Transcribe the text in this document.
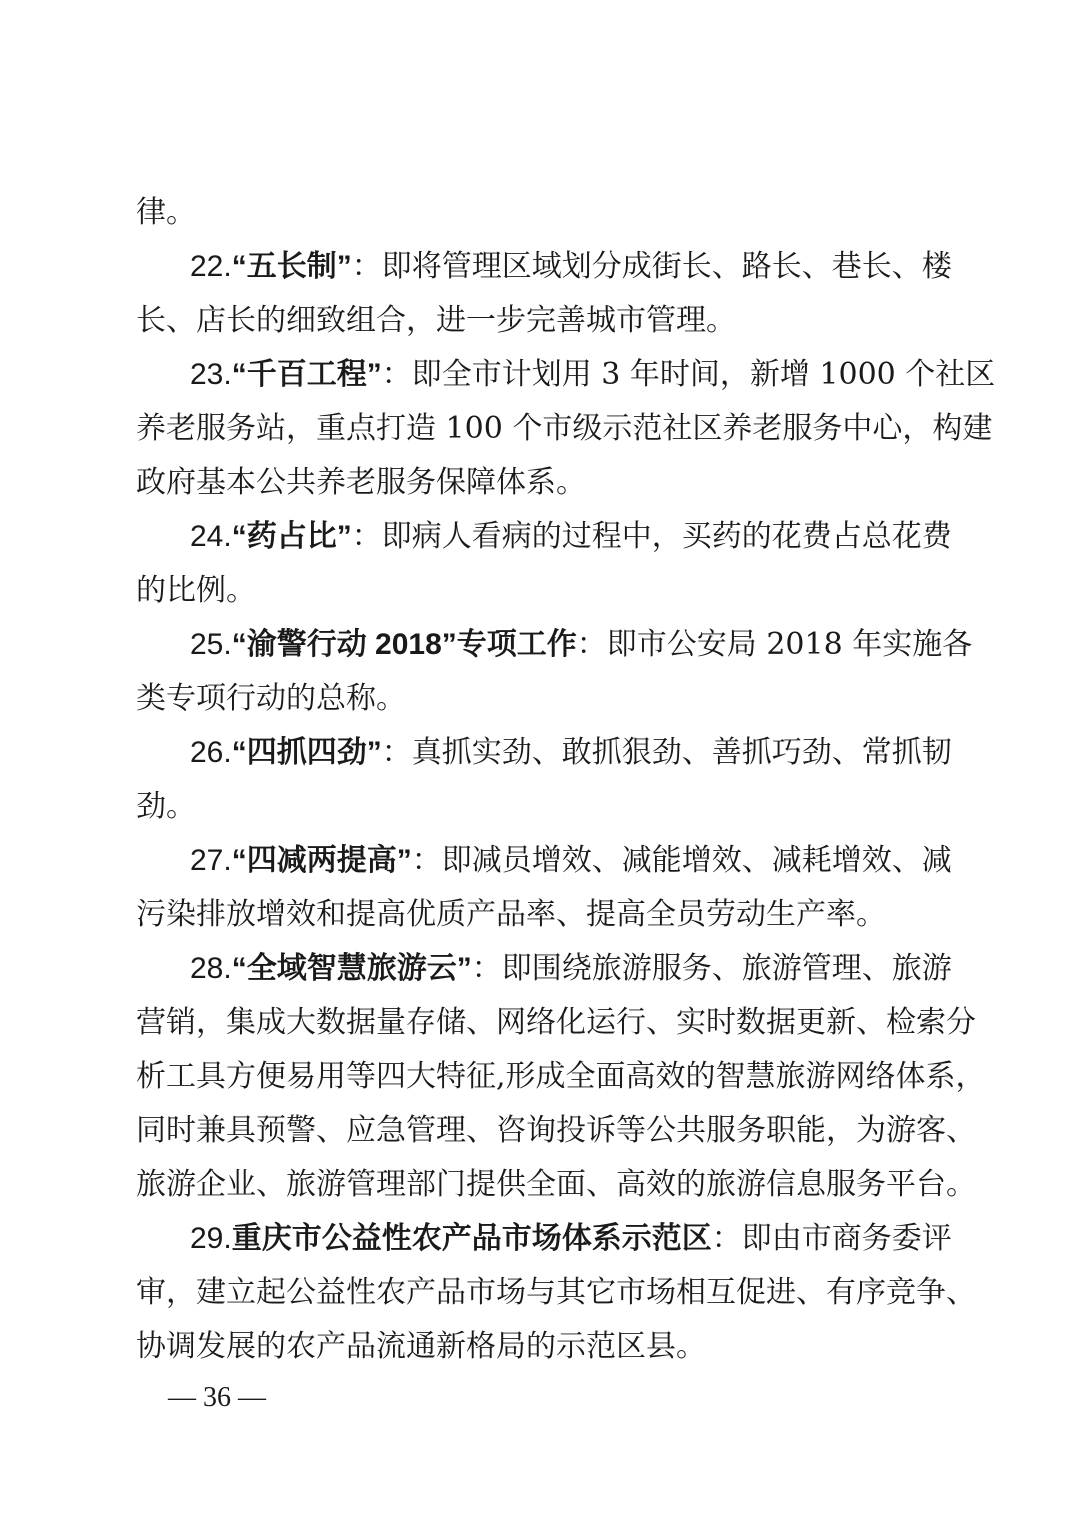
律。

22.“五长制”：即将管理区域划分成街长、路长、巷长、楼

长、店长的细致组合，进一步完善城市管理。

23.“千百工程”：即全市计划用 3 年时间，新增 1000 个社区

养老服务站，重点打造 100 个市级示范社区养老服务中心，构建

政府基本公共养老服务保障体系。

24.“药占比”：即病人看病的过程中，买药的花费占总花费

的比例。

25.“渝警行动 2018”专项工作：即市公安局 2018 年实施各

类专项行动的总称。

26.“四抓四劲”：真抓实劲、敢抓狠劲、善抓巧劲、常抓韧

劲。

27.“四减两提高”：即减员增效、减能增效、减耗增效、减

污染排放增效和提高优质产品率、提高全员劳动生产率。

28.“全域智慧旅游云”：即围绕旅游服务、旅游管理、旅游

营销，集成大数据量存储、网络化运行、实时数据更新、检索分

析工具方便易用等四大特征,形成全面高效的智慧旅游网络体系，

同时兼具预警、应急管理、咨询投诉等公共服务职能，为游客、

旅游企业、旅游管理部门提供全面、高效的旅游信息服务平台。

29.重庆市公益性农产品市场体系示范区：即由市商务委评

审，建立起公益性农产品市场与其它市场相互促进、有序竞争、

协调发展的农产品流通新格局的示范区县。

— 36 —
